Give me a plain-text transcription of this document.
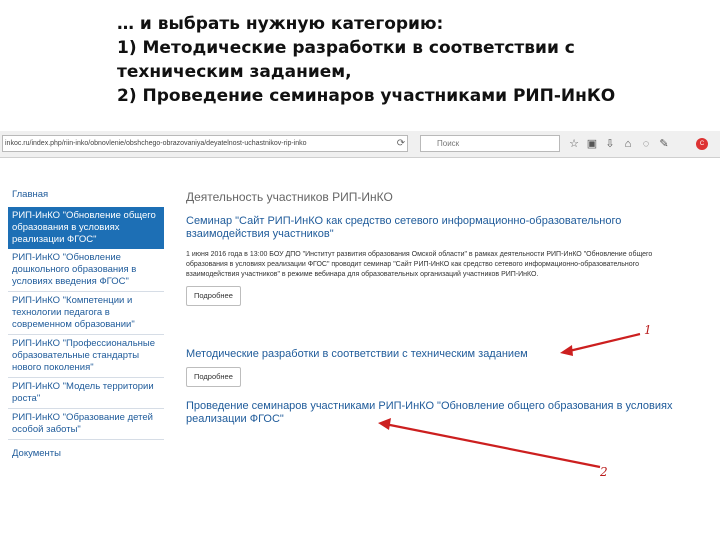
… и выбрать нужную категорию:
1) Методические разработки в соответствии с
техническим заданием,
2) Проведение семинаров участниками РИП-ИнКО
inkoc.ru/index.php/riin-inko/obnovlenie/obshchego-obrazovaniya/deyatelnost-uchastnikov-rip-inko	⟳	Поиск	☆ ▣ ⇩ ⌂ ◌ ✎	C
Главная
РИП-ИнКО "Обновление общего образования в условиях реализации ФГОС"
РИП-ИнКО "Обновление дошкольного образования в условиях введения ФГОС"
РИП-ИнКО "Компетенции и технологии педагога в современном образовании"
РИП-ИнКО "Профессиональные образовательные стандарты нового поколения"
РИП-ИнКО "Модель территории роста"
РИП-ИнКО "Образование детей особой заботы"
Документы
Деятельность участников РИП-ИнКО
Семинар "Сайт РИП-ИнКО как средство сетевого информационно-образовательного взаимодействия участников"
1 июня 2016 года в 13:00 БОУ ДПО "Институт развития образования Омской области" в рамках деятельности РИП-ИнКО "Обновление общего образования в условиях реализации ФГОС" проводит семинар "Сайт РИП-ИнКО как средство сетевого информационно-образовательного взаимодействия участников" в режиме вебинара для образовательных организаций участников РИП-ИнКО.
Подробнее
Методические разработки в соответствии с техническим заданием
Подробнее
Проведение семинаров участниками РИП-ИнКО "Обновление общего образования в условиях реализации ФГОС"
1
2
